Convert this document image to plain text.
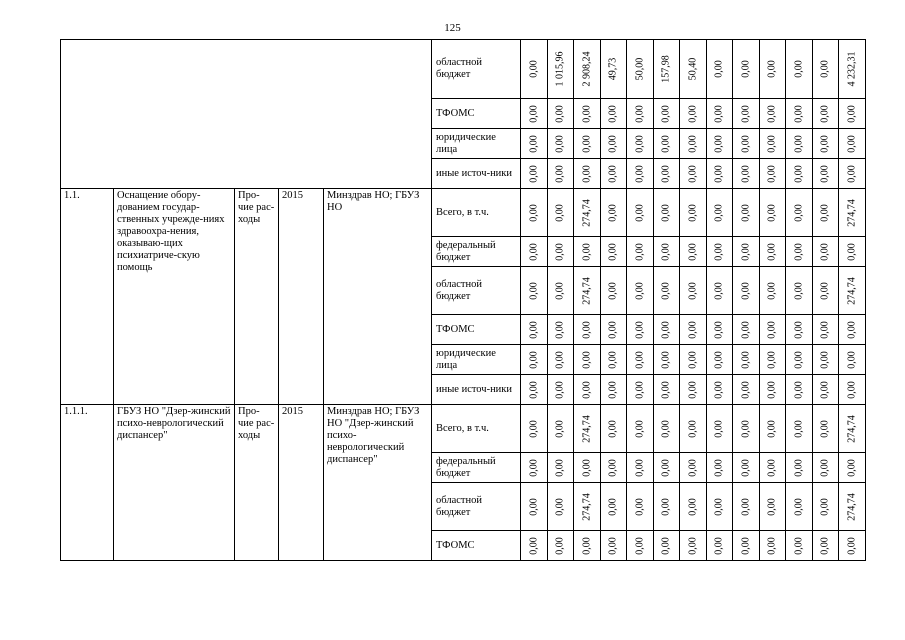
125
					областной бюджет	0,00	1 015,96	2 908,24	49,73	50,00	157,98	50,40	0,00	0,00	0,00	0,00	0,00	4 232,31

					ТФОМС	0,00	0,00	0,00	0,00	0,00	0,00	0,00	0,00	0,00	0,00	0,00	0,00	0,00

					юридические лица	0,00	0,00	0,00	0,00	0,00	0,00	0,00	0,00	0,00	0,00	0,00	0,00	0,00

					иные источ-ники	0,00	0,00	0,00	0,00	0,00	0,00	0,00	0,00	0,00	0,00	0,00	0,00	0,00

1.1.	Оснащение обору-дованием государ-ственных учрежде-ниях здравоохра-нения, оказываю-щих психиатриче-скую помощь	Про-чие рас-ходы	2015	Минздрав НО; ГБУЗ НО	Всего, в т.ч.	0,00	0,00	274,74	0,00	0,00	0,00	0,00	0,00	0,00	0,00	0,00	0,00	274,74

					федеральный бюджет	0,00	0,00	0,00	0,00	0,00	0,00	0,00	0,00	0,00	0,00	0,00	0,00	0,00

					областной бюджет	0,00	0,00	274,74	0,00	0,00	0,00	0,00	0,00	0,00	0,00	0,00	0,00	274,74

					ТФОМС	0,00	0,00	0,00	0,00	0,00	0,00	0,00	0,00	0,00	0,00	0,00	0,00	0,00

					юридические лица	0,00	0,00	0,00	0,00	0,00	0,00	0,00	0,00	0,00	0,00	0,00	0,00	0,00

					иные источ-ники	0,00	0,00	0,00	0,00	0,00	0,00	0,00	0,00	0,00	0,00	0,00	0,00	0,00

1.1.1.	ГБУЗ НО "Дзер-жинский психо-неврологический диспансер"	Про-чие рас-ходы	2015	Минздрав НО; ГБУЗ НО "Дзер-жинский психо-неврологический диспансер"	Всего, в т.ч.	0,00	0,00	274,74	0,00	0,00	0,00	0,00	0,00	0,00	0,00	0,00	0,00	274,74

					федеральный бюджет	0,00	0,00	0,00	0,00	0,00	0,00	0,00	0,00	0,00	0,00	0,00	0,00	0,00

					областной бюджет	0,00	0,00	274,74	0,00	0,00	0,00	0,00	0,00	0,00	0,00	0,00	0,00	274,74

					ТФОМС	0,00	0,00	0,00	0,00	0,00	0,00	0,00	0,00	0,00	0,00	0,00	0,00	0,00
